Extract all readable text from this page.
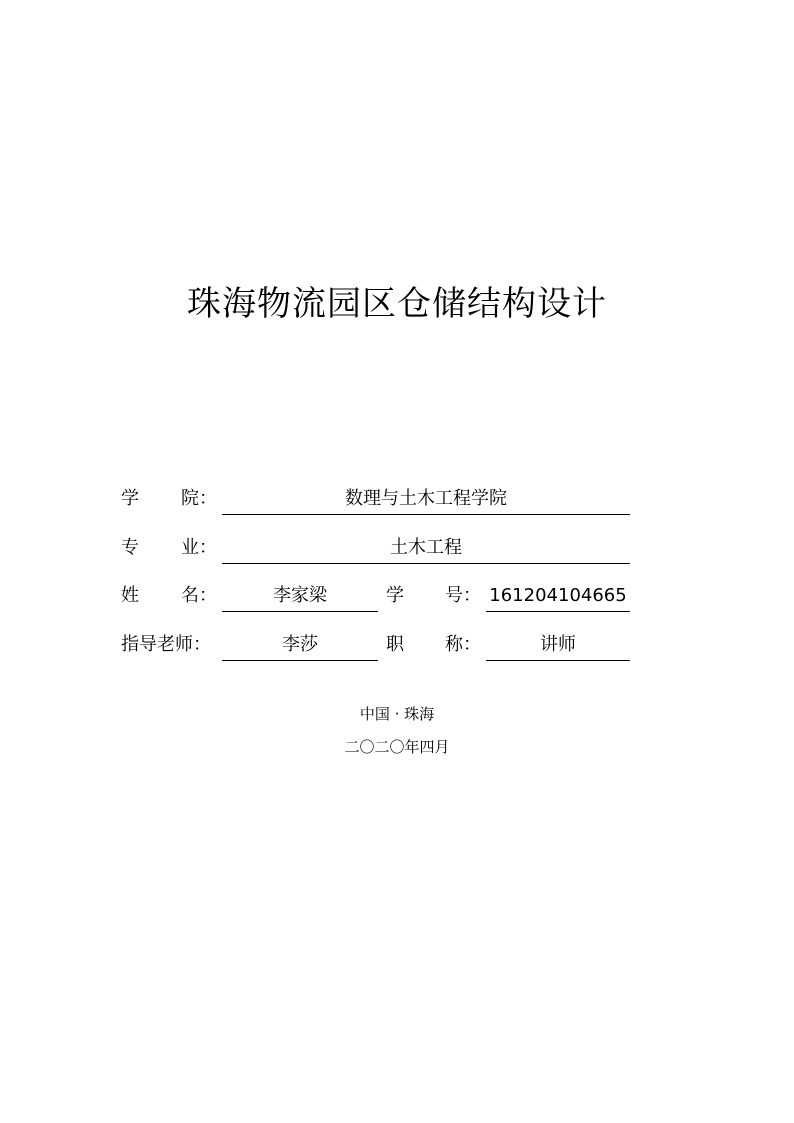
珠海物流园区仓储结构设计
学 院：	数理与土木工程学院
专 业：	土木工程
姓 名：	李家梁	学 号： 161204104665
指导老师：	李莎	职 称：	讲师
中国 · 珠海
二〇二〇年四月
